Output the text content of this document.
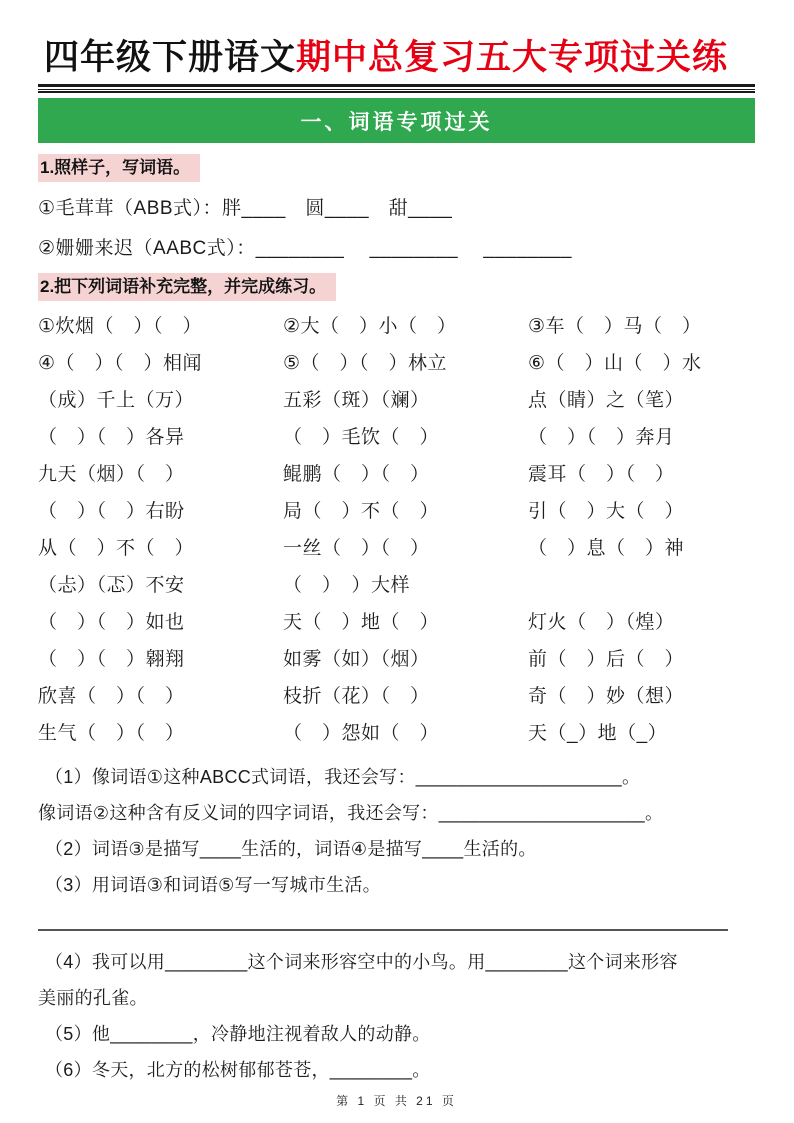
四年级下册语文期中总复习五大专项过关练
一、词语专项过关
1.照样子，写词语。

①毛茸茸（ABB式）：胖____　圆____　甜____

②姗姗来迟（AABC式）：________　 ________　 ________

2.把下列词语补充完整，并完成练习。
①炊烟（　）（　）	②大（　）小（　）	③车（　）马（　）
④（　）（　）相闻	⑤（　）（　）林立	⑥（　）山（　）水
（成）千上（万）	五彩（斑）（斓）	点（睛）之（笔）
（　）（　）各异	（　）毛饮（　）	（　）（　）奔月
九天（烟）（　）	鲲鹏（　）（　）	震耳（　）（　）
（　）（　）右盼	局（　）不（　）	引（　）大（　）
从（　）不（　）	一丝（　）（　）	（　）息（　）神
（忐）（忑）不安	（　）　）大样
（　）（　）如也	天（　）地（　）	灯火（　）（煌）
（　）（　）翱翔	如雾（如）（烟）	前（　）后（　）
欣喜（　）（　）	枝折（花）（　）	奇（　）妙（想）
生气（　）（　）	（　）怨如（　）	天（_）地（_）

（1）像词语①这种ABCC式词语，我还会写：____________________。

像词语②这种含有反义词的四字词语，我还会写：____________________。

（2）词语③是描写____生活的，词语④是描写____生活的。

（3）用词语③和词语⑤写一写城市生活。

（4）我可以用________这个词来形容空中的小鸟。用________这个词来形容

美丽的孔雀。

（5）他________，冷静地注视着敌人的动静。

（6）冬天，北方的松树郁郁苍苍，________。

第 1 页 共 21 页
